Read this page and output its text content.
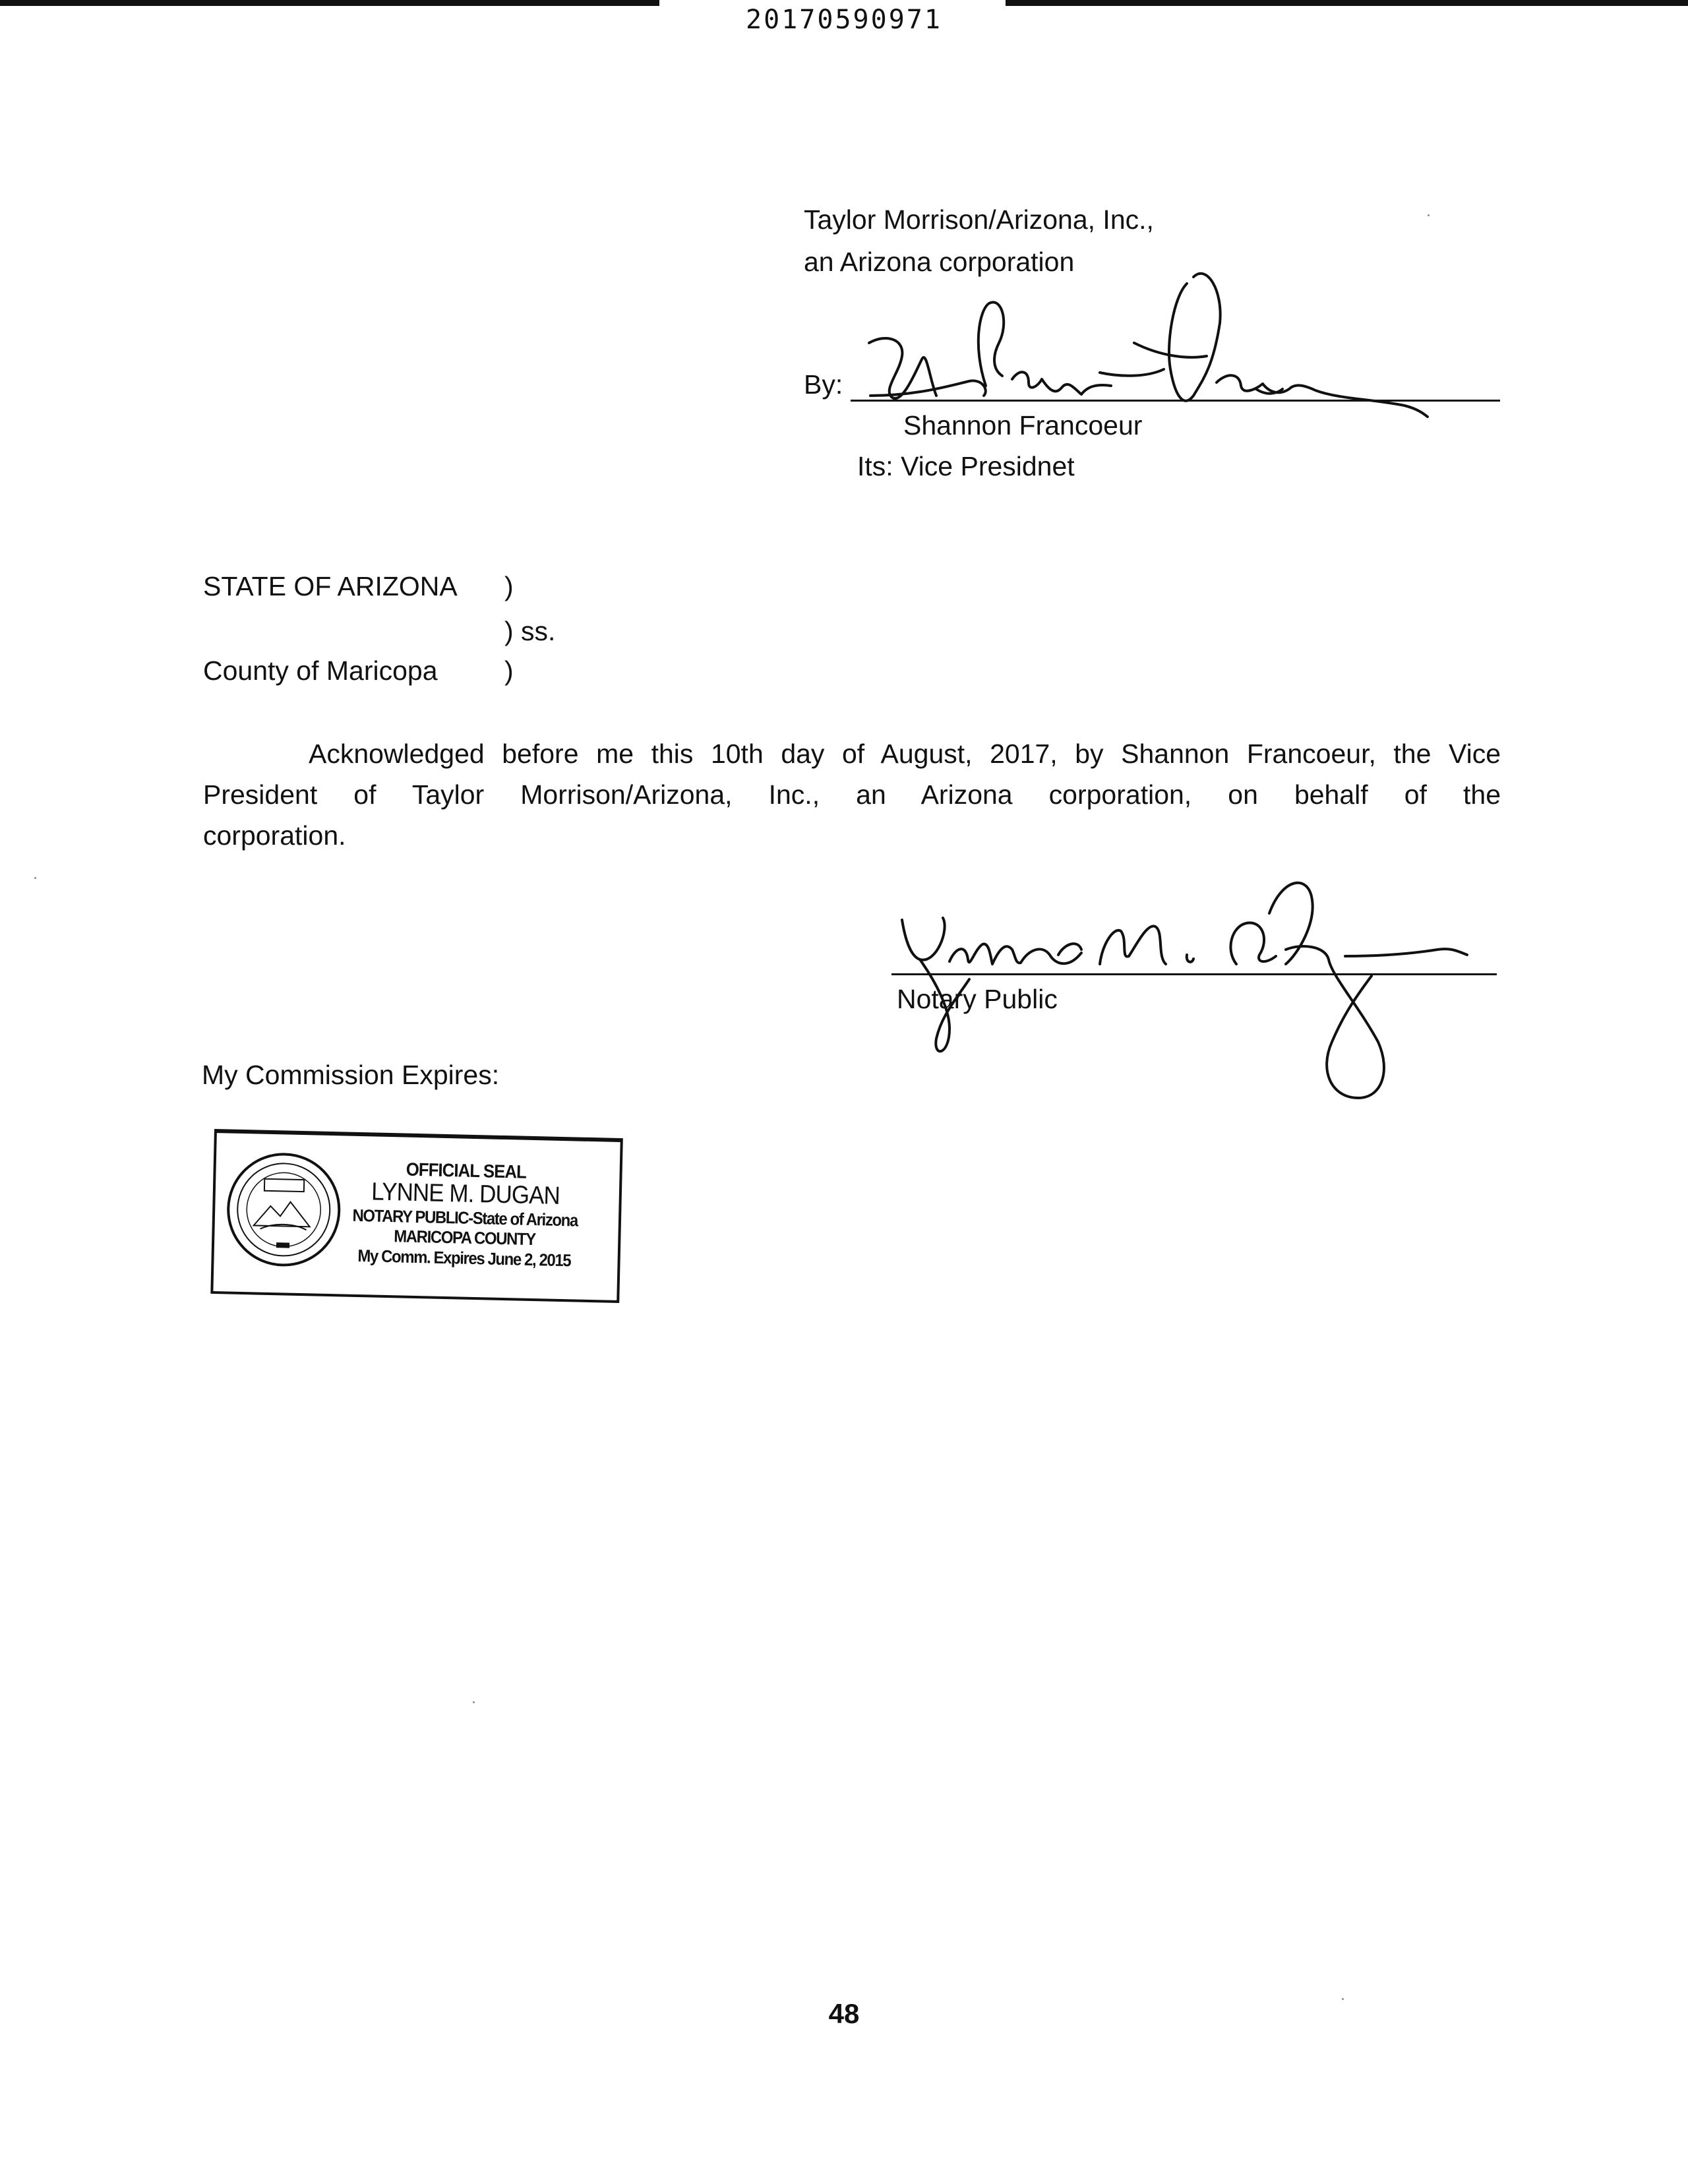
20170590971
Taylor Morrison/Arizona, Inc.,
an Arizona corporation
By:
Shannon Francoeur
Its: Vice Presidnet
STATE OF ARIZONA )
) ss.
County of Maricopa )
Acknowledged before me this 10th day of August, 2017, by Shannon Francoeur, the Vice
President of Taylor Morrison/Arizona, Inc., an Arizona corporation, on behalf of the
corporation.
Notary Public
My Commission Expires:
OFFICIAL SEAL
LYNNE M. DUGAN
NOTARY PUBLIC-State of Arizona
MARICOPA COUNTY
My Comm. Expires June 2, 2015
48
